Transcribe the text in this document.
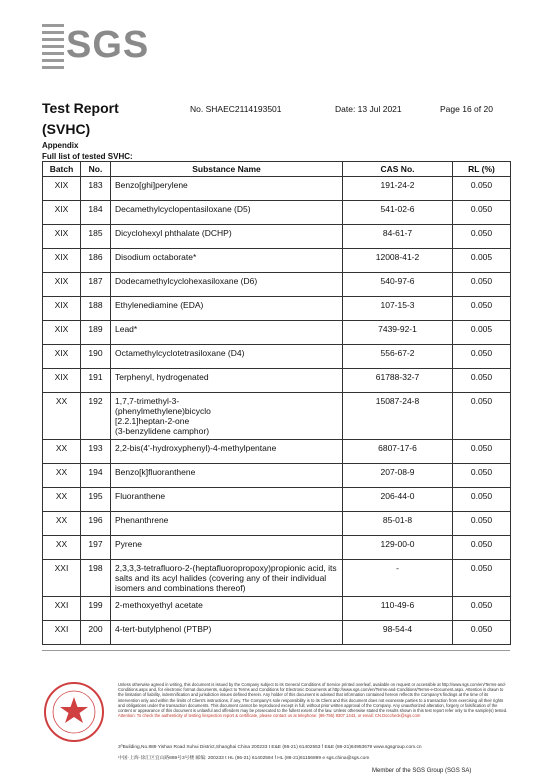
SGS
Test Report
(SVHC)
No. SHAEC2114193501	Date: 13 Jul 2021	Page 16 of 20
Appendix
Full list of tested SVHC:
Batch	No.	Substance Name	CAS No.	RL (%)
XIX	183	Benzo[ghi]perylene	191-24-2	0.050
XIX	184	Decamethylcyclopentasiloxane (D5)	541-02-6	0.050
XIX	185	Dicyclohexyl phthalate (DCHP)	84-61-7	0.050
XIX	186	Disodium octaborate*	12008-41-2	0.005
XIX	187	Dodecamethylcyclohexasiloxane (D6)	540-97-6	0.050
XIX	188	Ethylenediamine (EDA)	107-15-3	0.050
XIX	189	Lead*	7439-92-1	0.005
XIX	190	Octamethylcyclotetrasiloxane (D4)	556-67-2	0.050
XIX	191	Terphenyl, hydrogenated	61788-32-7	0.050
XX	192	1,7,7-trimethyl-3-
(phenylmethylene)bicyclo
[2.2.1]heptan-2-one
(3-benzylidene camphor)	15087-24-8	0.050
XX	193	2,2-bis(4'-hydroxyphenyl)-4-methylpentane	6807-17-6	0.050
XX	194	Benzo[k]fluoranthene	207-08-9	0.050
XX	195	Fluoranthene	206-44-0	0.050
XX	196	Phenanthrene	85-01-8	0.050
XX	197	Pyrene	129-00-0	0.050
XXI	198	2,3,3,3-tetrafluoro-2-(heptafluoropropoxy)propionic acid, its salts and its acyl halides (covering any of their individual isomers and combinations thereof)	-	0.050
XXI	199	2-methoxyethyl acetate	110-49-6	0.050
XXI	200	4-tert-butylphenol (PTBP)	98-54-4	0.050
Unless otherwise agreed in writing, this document is issued by the Company subject to its General Conditions of Service printed overleaf, available on request or accessible at http://www.sgs.com/en/Terms-and-Conditions.aspx and, for electronic format documents, subject to Terms and Conditions for Electronic Documents at http://www.sgs.com/en/Terms-and-Conditions/Terms-e-Document.aspx. Attention is drawn to the limitation of liability, indemnification and jurisdiction issues defined therein. Any holder of this document is advised that information contained hereon reflects the Company's findings at the time of its intervention only and within the limits of Client's instructions, if any. The Company's sole responsibility is to its Client and this document does not exonerate parties to a transaction from exercising all their rights and obligations under the transaction documents. This document cannot be reproduced except in full, without prior written approval of the Company. Any unauthorized alteration, forgery or falsification of the content or appearance of this document is unlawful and offenders may be prosecuted to the fullest extent of the law. Unless otherwise stated the results shown in this test report refer only to the sample(s) tested.
Attention: To check the authenticity of testing /inspection report & certificate, please contact us at telephone: (86-755) 8307 1443, or email: CN.Doccheck@sgs.com
3⁰Building,No.889 Yishan Road Xuhui District,Shanghai China 200233 t E&E (86-21) 61402553 f E&E (86-21)64953679 www.sgsgroup.com.cn
中国·上海·徐汇区宜山路889号3号楼 邮编: 200233 t HL (86-21) 61402594 f HL (86-21)61156899 e sgs.china@sgs.com
Member of the SGS Group (SGS SA)
